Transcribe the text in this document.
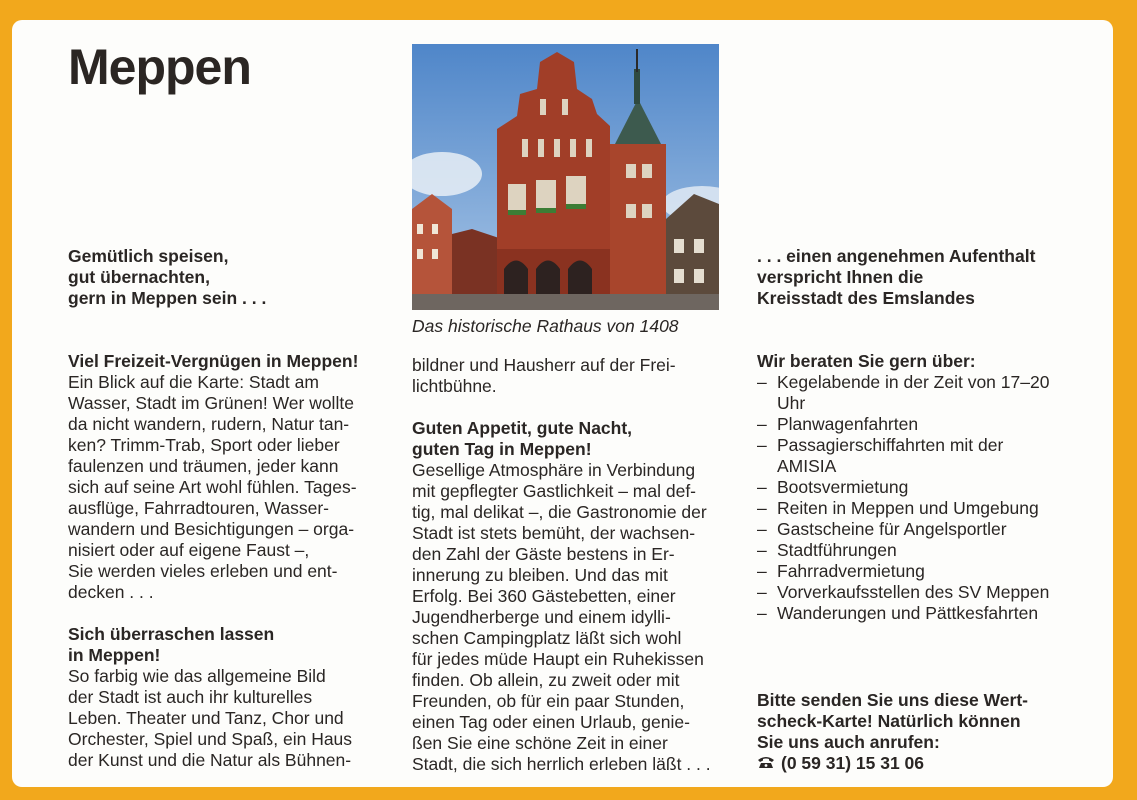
Meppen
Das historische Rathaus von 1408

Gemütlich speisen,

gut übernachten,

gern in Meppen sein . . .

Viel Freizeit-Vergnügen in Meppen!

Ein Blick auf die Karte: Stadt am

Wasser, Stadt im Grünen! Wer wollte

da nicht wandern, rudern, Natur tan-

ken? Trimm-Trab, Sport oder lieber

faulenzen und träumen, jeder kann

sich auf seine Art wohl fühlen. Tages-

ausflüge, Fahrradtouren, Wasser-

wandern und Besichtigungen – orga-

nisiert oder auf eigene Faust –,

Sie werden vieles erleben und ent-

decken . . .

Sich überraschen lassen

in Meppen!

So farbig wie das allgemeine Bild

der Stadt ist auch ihr kulturelles

Leben. Theater und Tanz, Chor und

Orchester, Spiel und Spaß, ein Haus

der Kunst und die Natur als Bühnen-

bildner und Hausherr auf der Frei-

lichtbühne.

Guten Appetit, gute Nacht,

guten Tag in Meppen!

Gesellige Atmosphäre in Verbindung

mit gepflegter Gastlichkeit – mal def-

tig, mal delikat –, die Gastronomie der

Stadt ist stets bemüht, der wachsen-

den Zahl der Gäste bestens in Er-

innerung zu bleiben. Und das mit

Erfolg. Bei 360 Gästebetten, einer

Jugendherberge und einem idylli-

schen Campingplatz läßt sich wohl

für jedes müde Haupt ein Ruhekissen

finden. Ob allein, zu zweit oder mit

Freunden, ob für ein paar Stunden,

einen Tag oder einen Urlaub, genie-

ßen Sie eine schöne Zeit in einer

Stadt, die sich herrlich erleben läßt . . .

. . . einen angenehmen Aufenthalt

verspricht Ihnen die

Kreisstadt des Emslandes

Wir beraten Sie gern über:

– Kegelabende in der Zeit von 17–20
Uhr
– Planwagenfahrten
– Passagierschiffahrten mit der
AMISIA
– Bootsvermietung
– Reiten in Meppen und Umgebung
– Gastscheine für Angelsportler
– Stadtführungen
– Fahrradvermietung
– Vorverkaufsstellen des SV Meppen
– Wanderungen und Pättkesfahrten

Bitte senden Sie uns diese Wert-

scheck-Karte! Natürlich können

Sie uns auch anrufen:

(0 59 31) 15 31 06
